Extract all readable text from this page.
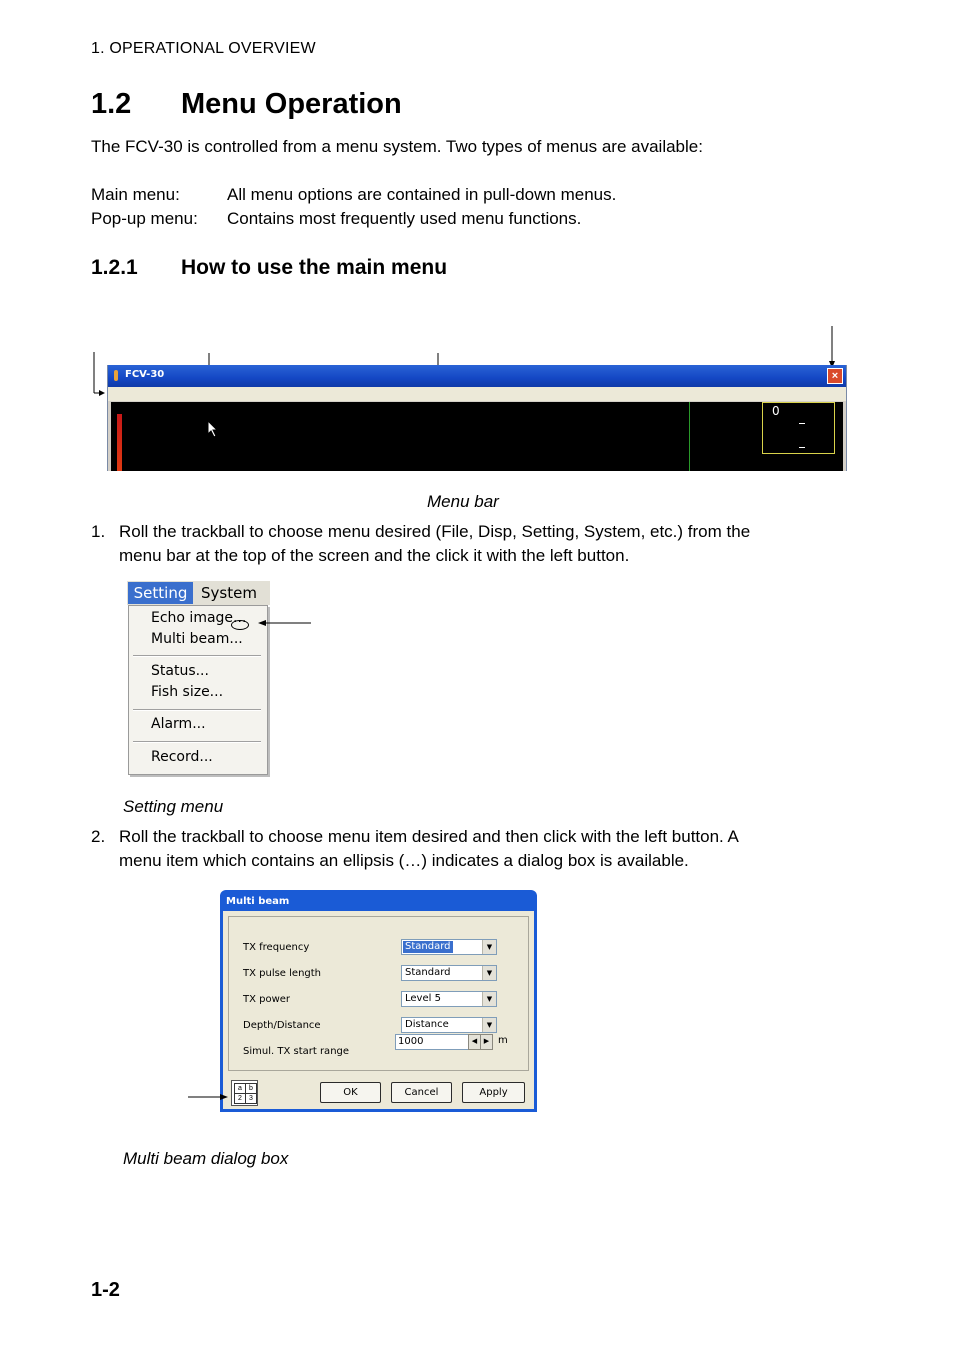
1. OPERATIONAL OVERVIEW
1.2 Menu Operation
The FCV-30 is controlled from a menu system. Two types of menus are available:
Main menu:	All menu options are contained in pull-down menus.
Pop-up menu: Contains most frequently used menu functions.
1.2.1 How to use the main menu
FCV-30	×
0
Menu bar
1. Roll the trackball to choose menu desired (File, Disp, Setting, System, etc.) from the
menu bar at the top of the screen and the click it with the left button.
Setting System
Echo image...
Multi beam...
Status...
Fish size...
Alarm...
Record...
Setting menu
2. Roll the trackball to choose menu item desired and then click with the left button. A
menu item which contains an ellipsis (…) indicates a dialog box is available.
Multi beam
TX frequency	Standard	▼
TX pulse length	Standard	▼
TX power	Level 5	▼
Depth/Distance	Distance	▼
Simul. TX start range
1000	◀ ▶ m
a	b
2	3
OK	Cancel	Apply
Multi beam dialog box
1-2
